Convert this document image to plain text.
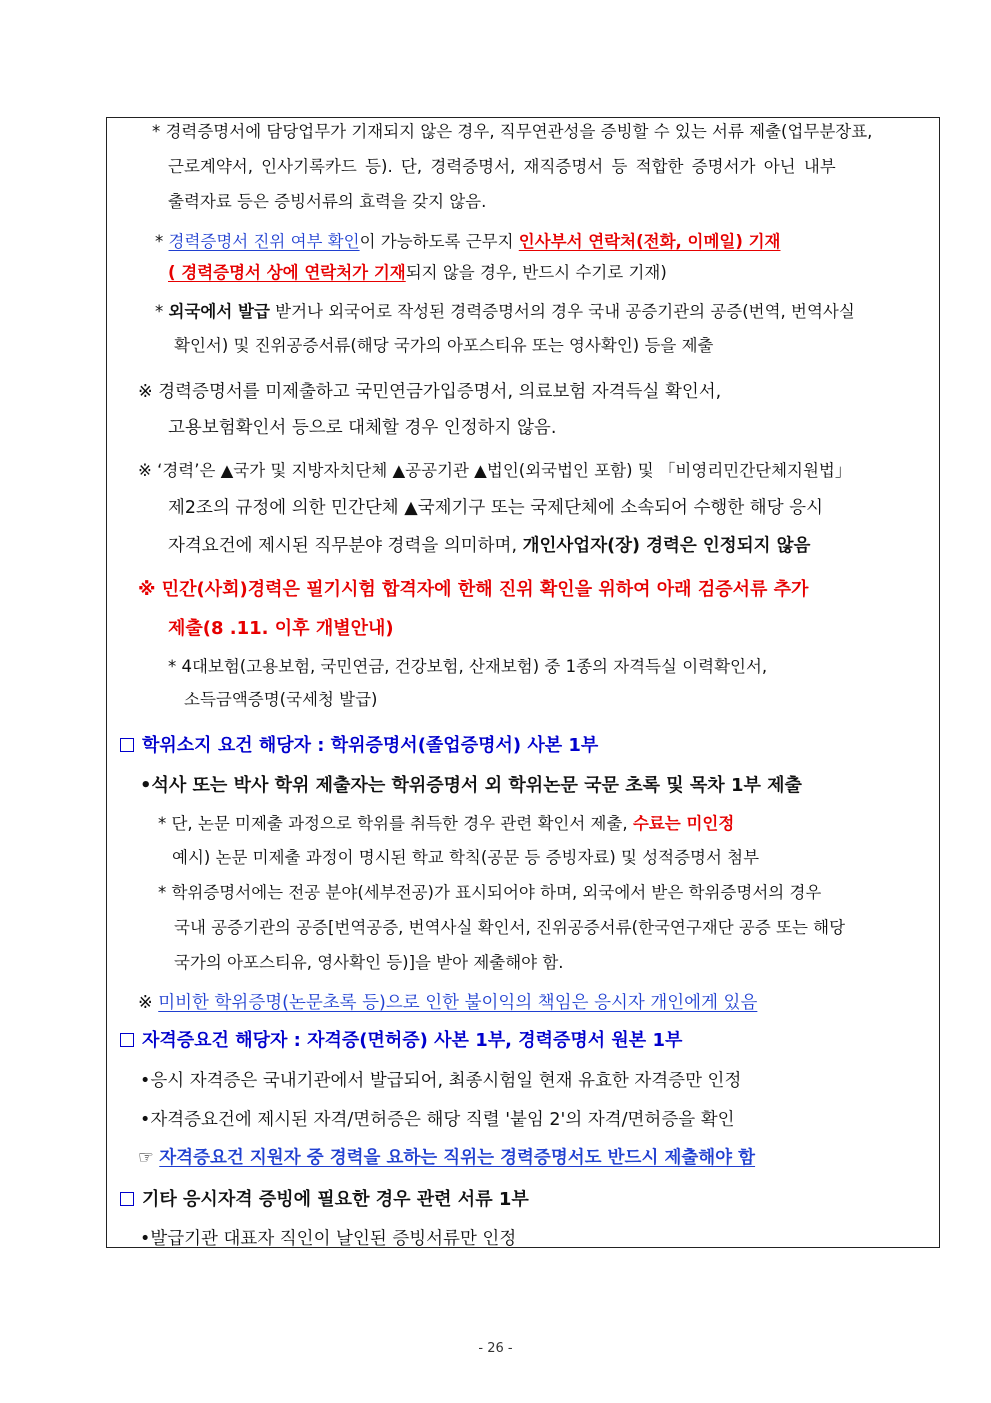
* 경력증명서에 담당업무가 기재되지 않은 경우, 직무연관성을 증빙할 수 있는 서류 제출(업무분장표,
근로계약서, 인사기록카드 등). 단, 경력증명서, 재직증명서 등 적합한 증명서가 아닌 내부
출력자료 등은 증빙서류의 효력을 갖지 않음.
* 경력증명서 진위 여부 확인이 가능하도록 근무지 인사부서 연락처(전화, 이메일) 기재
( 경력증명서 상에 연락처가 기재되지 않을 경우, 반드시 수기로 기재)
* 외국에서 발급 받거나 외국어로 작성된 경력증명서의 경우 국내 공증기관의 공증(번역, 번역사실
확인서) 및 진위공증서류(해당 국가의 아포스티유 또는 영사확인) 등을 제출
※ 경력증명서를 미제출하고 국민연금가입증명서, 의료보험 자격득실 확인서,
고용보험확인서 등으로 대체할 경우 인정하지 않음.
※ ‘경력’은 ▲국가 및 지방자치단체 ▲공공기관 ▲법인(외국법인 포함) 및 「비영리민간단체지원법」
제2조의 규정에 의한 민간단체 ▲국제기구 또는 국제단체에 소속되어 수행한 해당 응시
자격요건에 제시된 직무분야 경력을 의미하며, 개인사업자(장) 경력은 인정되지 않음
※ 민간(사회)경력은 필기시험 합격자에 한해 진위 확인을 위하여 아래 검증서류 추가
제출(8 .11. 이후 개별안내)
* 4대보험(고용보험, 국민연금, 건강보험, 산재보험) 중 1종의 자격득실 이력확인서,
소득금액증명(국세청 발급)
학위소지 요건 해당자 : 학위증명서(졸업증명서) 사본 1부
•석사 또는 박사 학위 제출자는 학위증명서 외 학위논문 국문 초록 및 목차 1부 제출
* 단, 논문 미제출 과정으로 학위를 취득한 경우 관련 확인서 제출, 수료는 미인정
예시) 논문 미제출 과정이 명시된 학교 학칙(공문 등 증빙자료) 및 성적증명서 첨부
* 학위증명서에는 전공 분야(세부전공)가 표시되어야 하며, 외국에서 받은 학위증명서의 경우
국내 공증기관의 공증[번역공증, 번역사실 확인서, 진위공증서류(한국연구재단 공증 또는 해당
국가의 아포스티유, 영사확인 등)]을 받아 제출해야 함.
※ 미비한 학위증명(논문초록 등)으로 인한 불이익의 책임은 응시자 개인에게 있음
자격증요건 해당자 : 자격증(면허증) 사본 1부, 경력증명서 원본 1부
•응시 자격증은 국내기관에서 발급되어, 최종시험일 현재 유효한 자격증만 인정
•자격증요건에 제시된 자격/면허증은 해당 직렬 '붙임 2'의 자격/면허증을 확인
☞ 자격증요건 지원자 중 경력을 요하는 직위는 경력증명서도 반드시 제출해야 함
기타 응시자격 증빙에 필요한 경우 관련 서류 1부
•발급기관 대표자 직인이 날인된 증빙서류만 인정
- 26 -
